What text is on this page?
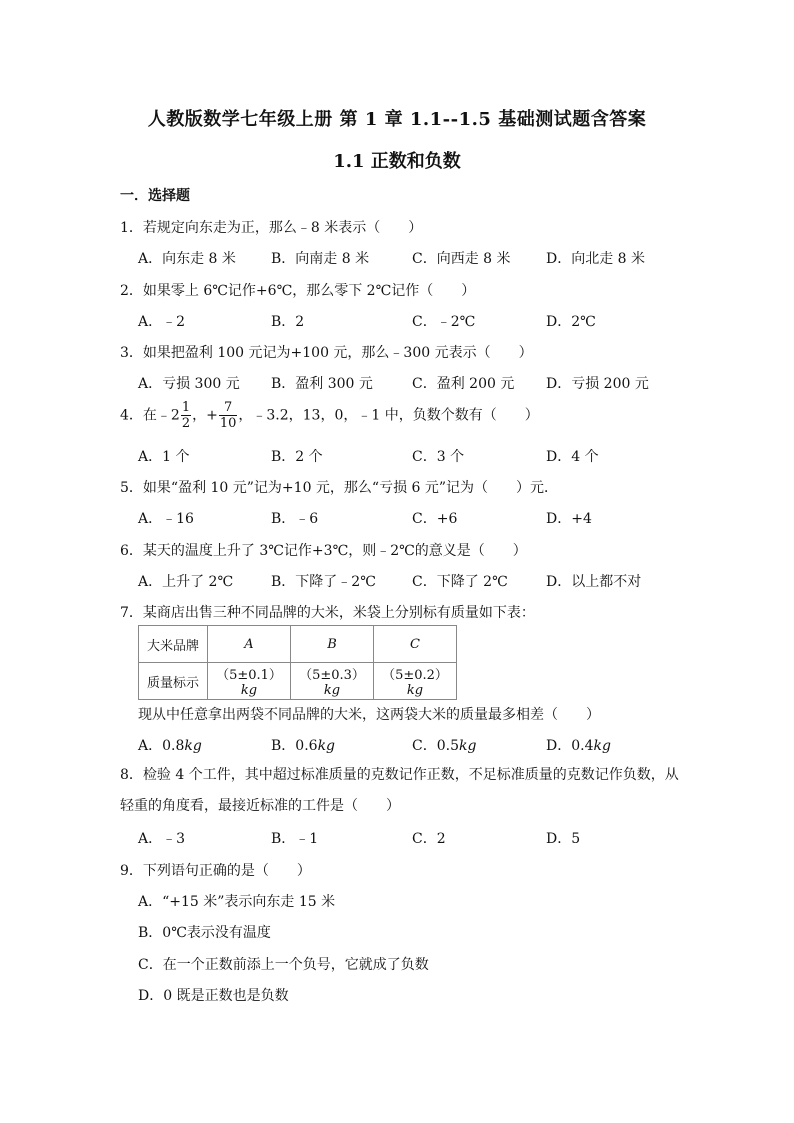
人教版数学七年级上册 第 1 章 1.1--1.5 基础测试题含答案
1.1 正数和负数
一．选择题
1．若规定向东走为正，那么﹣8 米表示（　　）
A．向东走 8 米	B．向南走 8 米	C．向西走 8 米	D．向北走 8 米
2．如果零上 6℃记作+6℃，那么零下 2℃记作（　　）
A．﹣2	B．2	C．﹣2℃	D．2℃
3．如果把盈利 100 元记为+100 元，那么﹣300 元表示（　　）
A．亏损 300 元 B．盈利 300 元	C．盈利 200 元 D．亏损 200 元
4．在﹣2 $\frac{1}{2}$ ，+ $\frac{7}{10}$ ，﹣3.2，13，0，﹣1 中，负数个数有（　　）
A．1 个	B．2 个	C．3 个	D．4 个
5．如果“盈利 10 元”记为+10 元，那么“亏损 6 元”记为（　　）元．
A．﹣16	B．﹣6	C．+6	D．+4
6．某天的温度上升了 3℃记作+3℃，则﹣2℃的意义是（　　）
A．上升了 2℃	B．下降了﹣2℃	C．下降了 2℃	D．以上都不对
7．某商店出售三种不同品牌的大米，米袋上分别标有质量如下表：
大米品牌	A	B	C
质量标示	（5±0.1）kg	（5±0.3）kg	（5±0.2）kg
现从中任意拿出两袋不同品牌的大米，这两袋大米的质量最多相差（　　）
A．0.8kg	B．0.6kg	C．0.5kg	D．0.4kg
8．检验 4 个工件，其中超过标准质量的克数记作正数，不足标准质量的克数记作负数，从轻重的角度看，最接近标准的工件是（　　）
A．﹣3	B．﹣1	C．2	D．5
9．下列语句正确的是（　　）
A．“+15 米”表示向东走 15 米
B．0℃表示没有温度
C．在一个正数前添上一个负号，它就成了负数
D．0 既是正数也是负数
